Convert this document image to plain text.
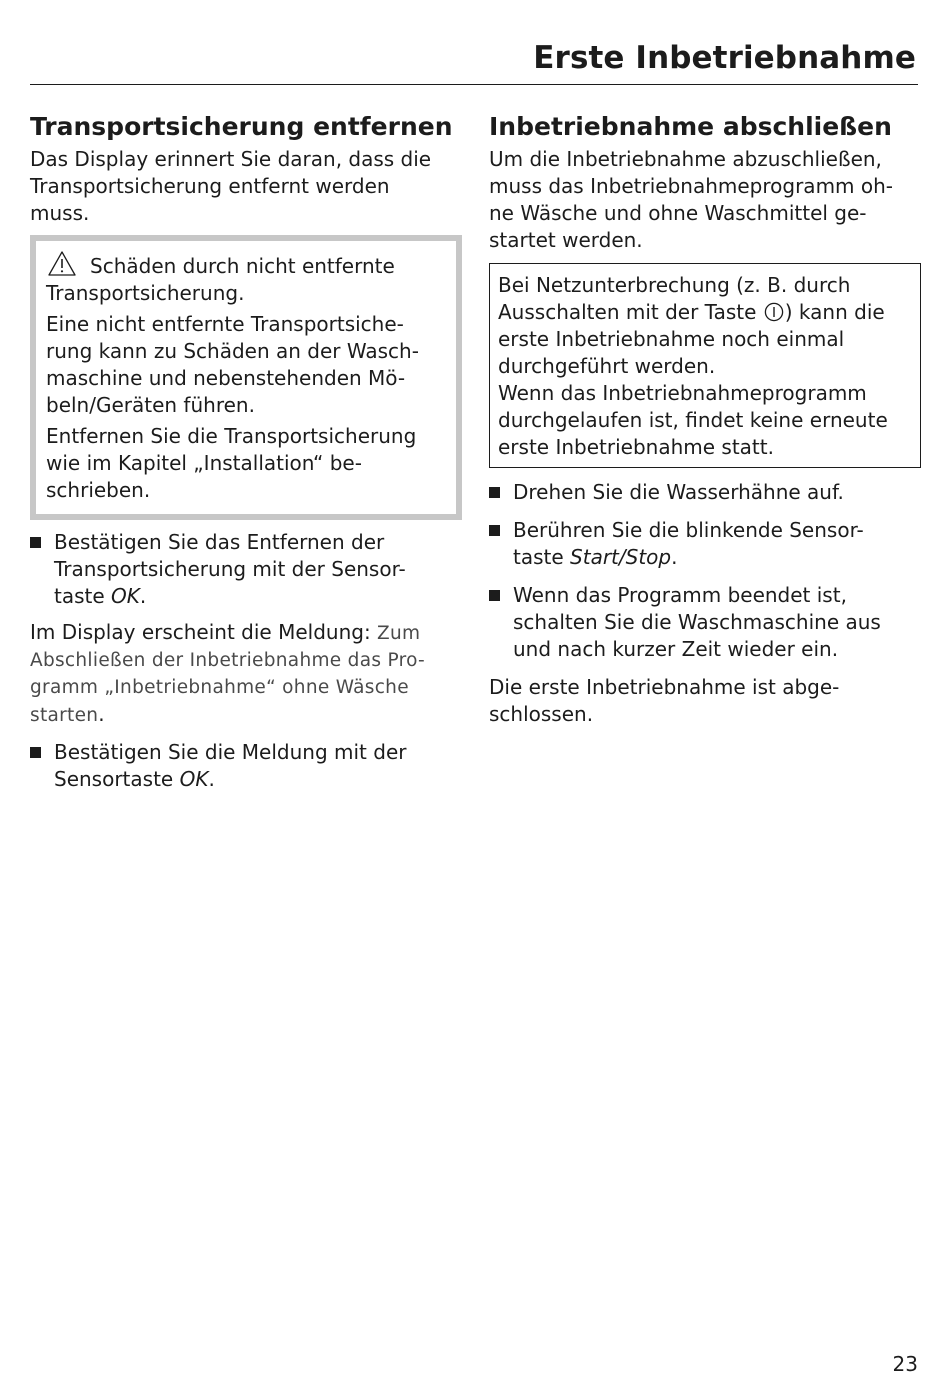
Erste Inbetriebnahme
Transportsicherung entfernen
Das Display erinnert Sie daran, dass die
Transportsicherung entfernt werden
muss.
Schäden durch nicht entfernte
Transportsicherung.
Eine nicht entfernte Transportsiche-
rung kann zu Schäden an der Wasch-
maschine und nebenstehenden Mö-
beln/Geräten führen.
Entfernen Sie die Transportsicherung
wie im Kapitel „Installation“ be-
schrieben.
Bestätigen Sie das Entfernen der
Transportsicherung mit der Sensor-
taste OK.
Im Display erscheint die Meldung: Zum
Abschließen der Inbetriebnahme das Pro-
gramm „Inbetriebnahme“ ohne Wäsche
starten.
Bestätigen Sie die Meldung mit der
Sensortaste OK.
Inbetriebnahme abschließen
Um die Inbetriebnahme abzuschließen,
muss das Inbetriebnahmeprogramm oh-
ne Wäsche und ohne Waschmittel ge-
startet werden.
Bei Netzunterbrechung (z. B. durch
Ausschalten mit der Taste ) kann die
erste Inbetriebnahme noch einmal
durchgeführt werden.
Wenn das Inbetriebnahmeprogramm
durchgelaufen ist, findet keine erneute
erste Inbetriebnahme statt.
Drehen Sie die Wasserhähne auf.
Berühren Sie die blinkende Sensor-
taste Start/Stop.
Wenn das Programm beendet ist,
schalten Sie die Waschmaschine aus
und nach kurzer Zeit wieder ein.
Die erste Inbetriebnahme ist abge-
schlossen.
23
